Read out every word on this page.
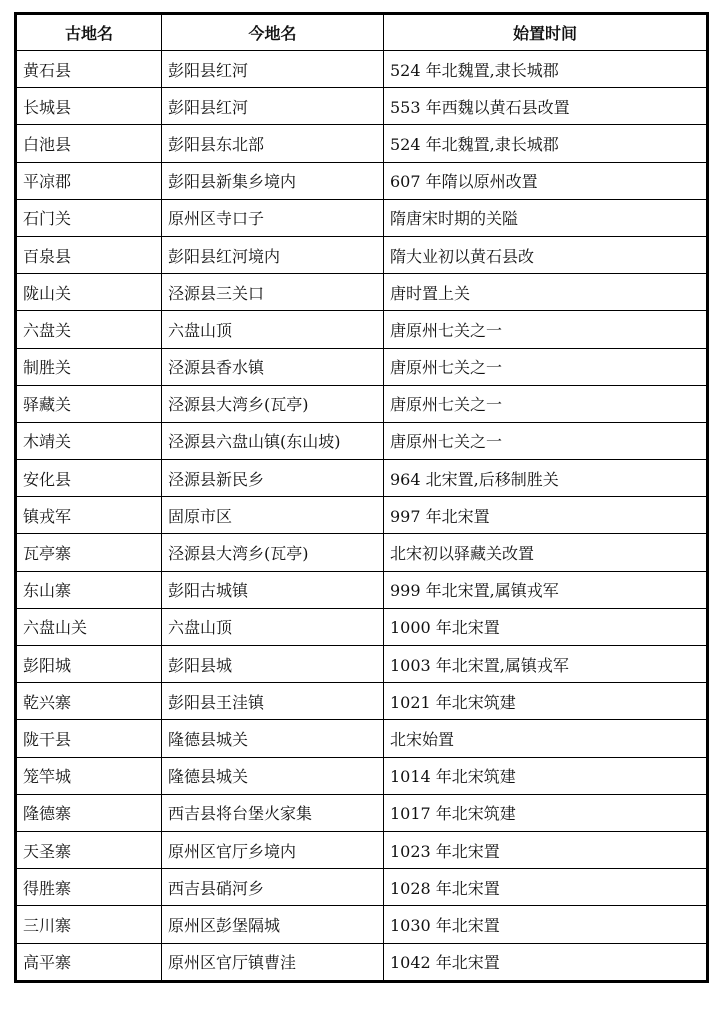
古地名	今地名	始置时间
黄石县	彭阳县红河	524 年北魏置,隶长城郡
长城县	彭阳县红河	553 年西魏以黄石县改置
白池县	彭阳县东北部	524 年北魏置,隶长城郡
平凉郡	彭阳县新集乡境内	607 年隋以原州改置
石门关	原州区寺口子	隋唐宋时期的关隘
百泉县	彭阳县红河境内	隋大业初以黄石县改
陇山关	泾源县三关口	唐时置上关
六盘关	六盘山顶	唐原州七关之一
制胜关	泾源县香水镇	唐原州七关之一
驿藏关	泾源县大湾乡(瓦亭)	唐原州七关之一
木靖关	泾源县六盘山镇(东山坡)	唐原州七关之一
安化县	泾源县新民乡	964 北宋置,后移制胜关
镇戎军	固原市区	997 年北宋置
瓦亭寨	泾源县大湾乡(瓦亭)	北宋初以驿藏关改置
东山寨	彭阳古城镇	999 年北宋置,属镇戎军
六盘山关	六盘山顶	1000 年北宋置
彭阳城	彭阳县城	1003 年北宋置,属镇戎军
乾兴寨	彭阳县王洼镇	1021 年北宋筑建
陇干县	隆德县城关	北宋始置
笼竿城	隆德县城关	1014 年北宋筑建
隆德寨	西吉县将台堡火家集	1017 年北宋筑建
天圣寨	原州区官厅乡境内	1023 年北宋置
得胜寨	西吉县硝河乡	1028 年北宋置
三川寨	原州区彭堡隔城	1030 年北宋置
高平寨	原州区官厅镇曹洼	1042 年北宋置
